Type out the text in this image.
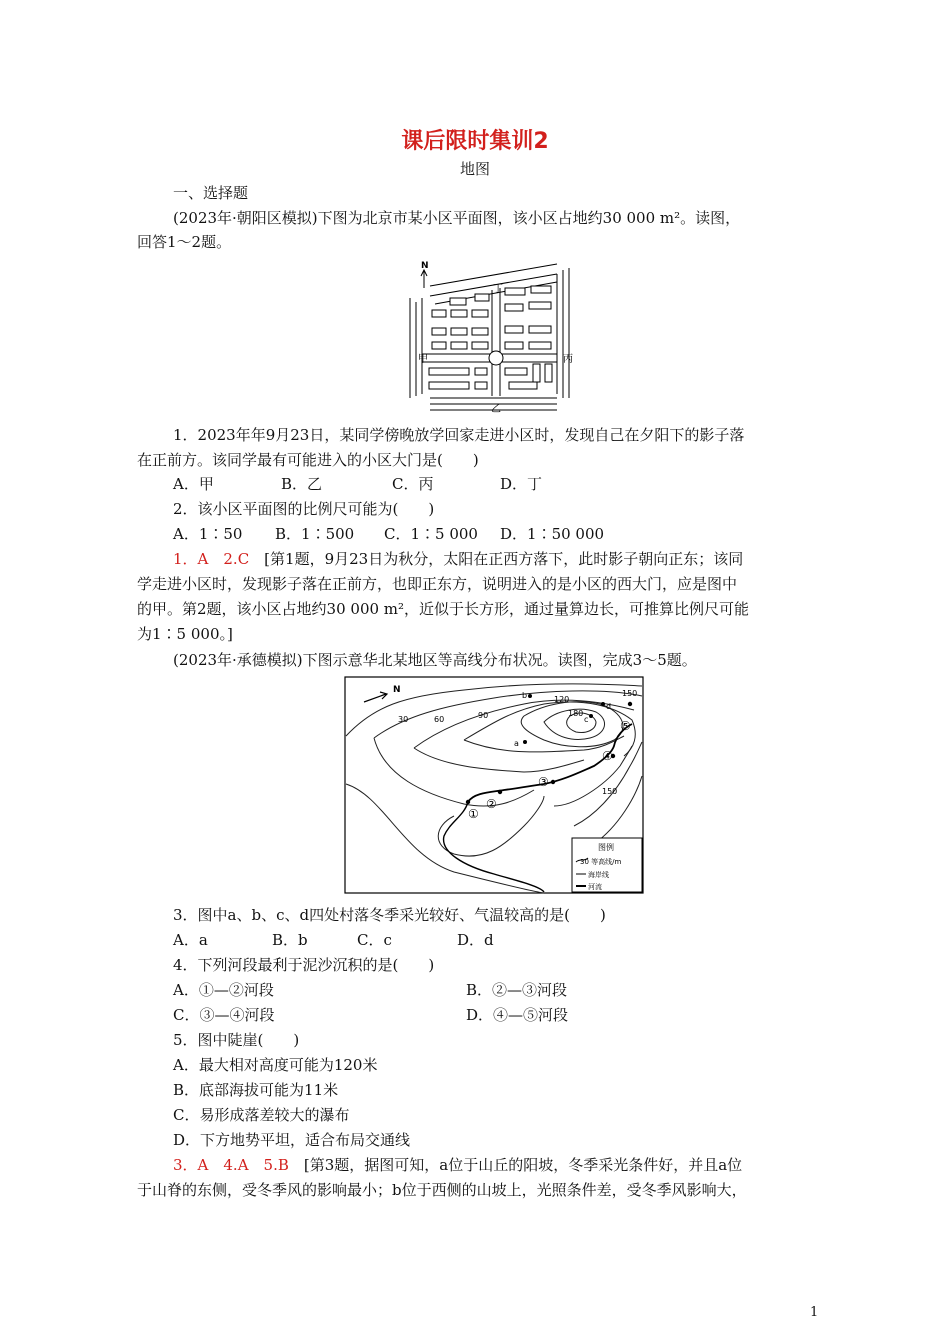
课后限时集训2
地图
一、选择题
(2023年·朝阳区模拟)下图为北京市某小区平面图，该小区占地约30 000 m²。读图，
回答1～2题。
N
甲	丙
乙
丁
1．2023年年9月23日，某同学傍晚放学回家走进小区时，发现自己在夕阳下的影子落
在正前方。该同学最有可能进入的小区大门是(　　)
A．甲	B．乙	C．丙	D．丁
2．该小区平面图的比例尺可能为(　　)
A．1∶50 B．1∶500 C．1∶5 000 D．1∶50 000
1．A　2.C　[第1题，9月23日为秋分，太阳在正西方落下，此时影子朝向正东；该同
学走进小区时，发现影子落在正前方，也即正东方，说明进入的是小区的西大门，应是图中
的甲。第2题，该小区占地约30 000 m²，近似于长方形，通过量算边长，可推算比例尺可能
为1∶5 000。]
(2023年·承德模拟)下图示意华北某地区等高线分布状况。读图，完成3～5题。
N
30	60	90
120
150
180
150
a
b
c
d
①
②
③
④
⑤
图例
30 等高线/m
海岸线
河流
3．图中a、b、c、d四处村落冬季采光较好、气温较高的是(　　)
A．a	B．b	C．c	D．d
4．下列河段最利于泥沙沉积的是(　　)
A．①—②河段	B．②—③河段
C．③—④河段	D．④—⑤河段
5．图中陡崖(　　)
A．最大相对高度可能为120米
B．底部海拔可能为11米
C．易形成落差较大的瀑布
D．下方地势平坦，适合布局交通线
3．A　4.A　5.B　[第3题，据图可知，a位于山丘的阳坡，冬季采光条件好，并且a位
于山脊的东侧，受冬季风的影响最小；b位于西侧的山坡上，光照条件差，受冬季风影响大，
1
